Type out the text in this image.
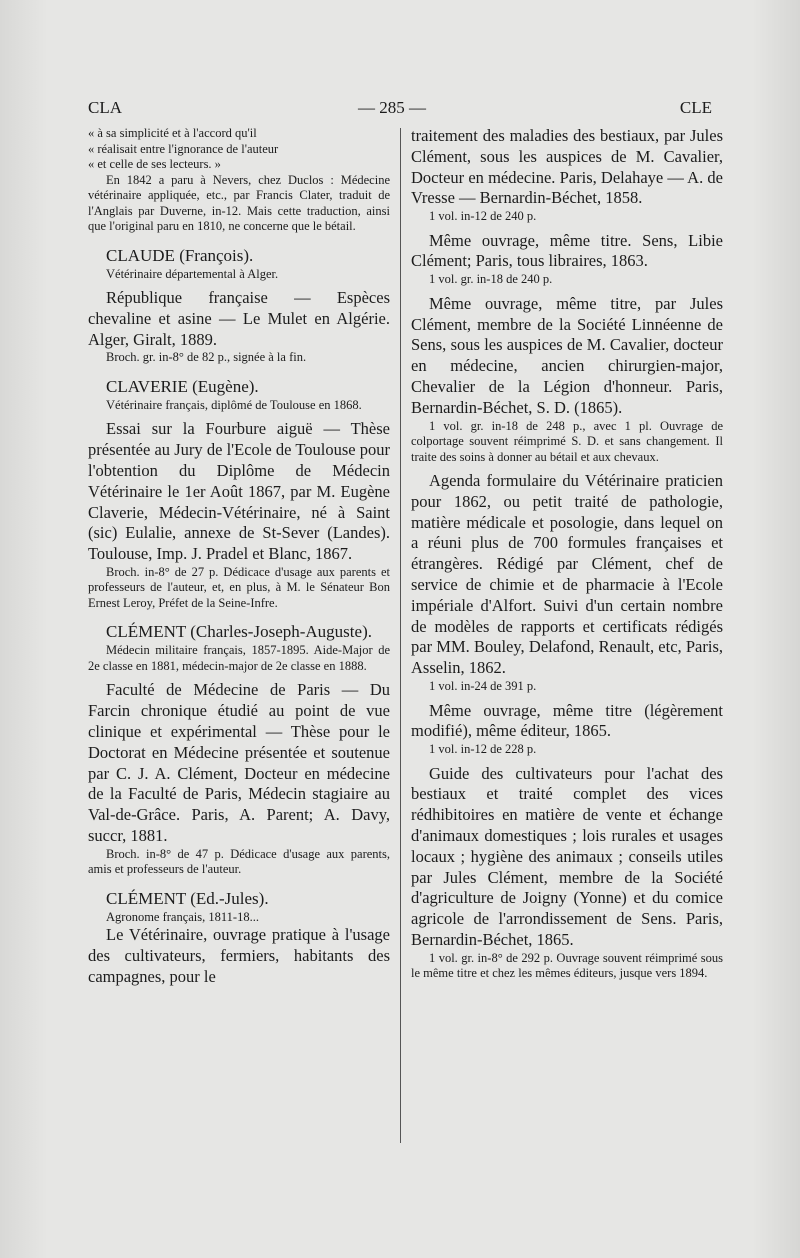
CLA	— 285 —	CLE

« à sa simplicité et à l'accord qu'il

« réalisait entre l'ignorance de l'auteur

« et celle de ses lecteurs. »

En 1842 a paru à Nevers, chez Duclos : Médecine vétérinaire appliquée, etc., par Francis Clater, traduit de l'Anglais par Duverne, in-12. Mais cette traduction, ainsi que l'original paru en 1810, ne concerne que le bétail.

CLAUDE (François).

Vétérinaire départemental à Alger.

République française — Espèces chevaline et asine — Le Mulet en Algérie. Alger, Giralt, 1889.

Broch. gr. in-8° de 82 p., signée à la fin.

CLAVERIE (Eugène).

Vétérinaire français, diplômé de Toulouse en 1868.

Essai sur la Fourbure aiguë — Thèse présentée au Jury de l'Ecole de Toulouse pour l'obtention du Diplôme de Médecin Vétérinaire le 1er Août 1867, par M. Eugène Claverie, Médecin-Vétérinaire, né à Saint (sic) Eulalie, annexe de St-Sever (Landes). Toulouse, Imp. J. Pradel et Blanc, 1867.

Broch. in-8° de 27 p. Dédicace d'usage aux parents et professeurs de l'auteur, et, en plus, à M. le Sénateur Bon Ernest Leroy, Préfet de la Seine-Infre.

CLÉMENT (Charles-Joseph-Auguste).

Médecin militaire français, 1857-1895. Aide-Major de 2e classe en 1881, médecin-major de 2e classe en 1888.

Faculté de Médecine de Paris — Du Farcin chronique étudié au point de vue clinique et expérimental — Thèse pour le Doctorat en Médecine présentée et soutenue par C. J. A. Clément, Docteur en médecine de la Faculté de Paris, Médecin stagiaire au Val-de-Grâce. Paris, A. Parent; A. Davy, succr, 1881.

Broch. in-8° de 47 p. Dédicace d'usage aux parents, amis et professeurs de l'auteur.

CLÉMENT (Ed.-Jules).

Agronome français, 1811-18...

Le Vétérinaire, ouvrage pratique à l'usage des cultivateurs, fermiers, habitants des campagnes, pour le

traitement des maladies des bestiaux, par Jules Clément, sous les auspices de M. Cavalier, Docteur en médecine. Paris, Delahaye — A. de Vresse — Bernardin-Béchet, 1858.

1 vol. in-12 de 240 p.

Même ouvrage, même titre. Sens, Libie Clément; Paris, tous libraires, 1863.

1 vol. gr. in-18 de 240 p.

Même ouvrage, même titre, par Jules Clément, membre de la Société Linnéenne de Sens, sous les auspices de M. Cavalier, docteur en médecine, ancien chirurgien-major, Chevalier de la Légion d'honneur. Paris, Bernardin-Béchet, S. D. (1865).

1 vol. gr. in-18 de 248 p., avec 1 pl. Ouvrage de colportage souvent réimprimé S. D. et sans changement. Il traite des soins à donner au bétail et aux chevaux.

Agenda formulaire du Vétérinaire praticien pour 1862, ou petit traité de pathologie, matière médicale et posologie, dans lequel on a réuni plus de 700 formules françaises et étrangères. Rédigé par Clément, chef de service de chimie et de pharmacie à l'Ecole impériale d'Alfort. Suivi d'un certain nombre de modèles de rapports et certificats rédigés par MM. Bouley, Delafond, Renault, etc, Paris, Asselin, 1862.

1 vol. in-24 de 391 p.

Même ouvrage, même titre (légèrement modifié), même éditeur, 1865.

1 vol. in-12 de 228 p.

Guide des cultivateurs pour l'achat des bestiaux et traité complet des vices rédhibitoires en matière de vente et échange d'animaux domestiques ; lois rurales et usages locaux ; hygiène des animaux ; conseils utiles par Jules Clément, membre de la Société d'agriculture de Joigny (Yonne) et du comice agricole de l'arrondissement de Sens. Paris, Bernardin-Béchet, 1865.

1 vol. gr. in-8° de 292 p. Ouvrage souvent réimprimé sous le même titre et chez les mêmes éditeurs, jusque vers 1894.
